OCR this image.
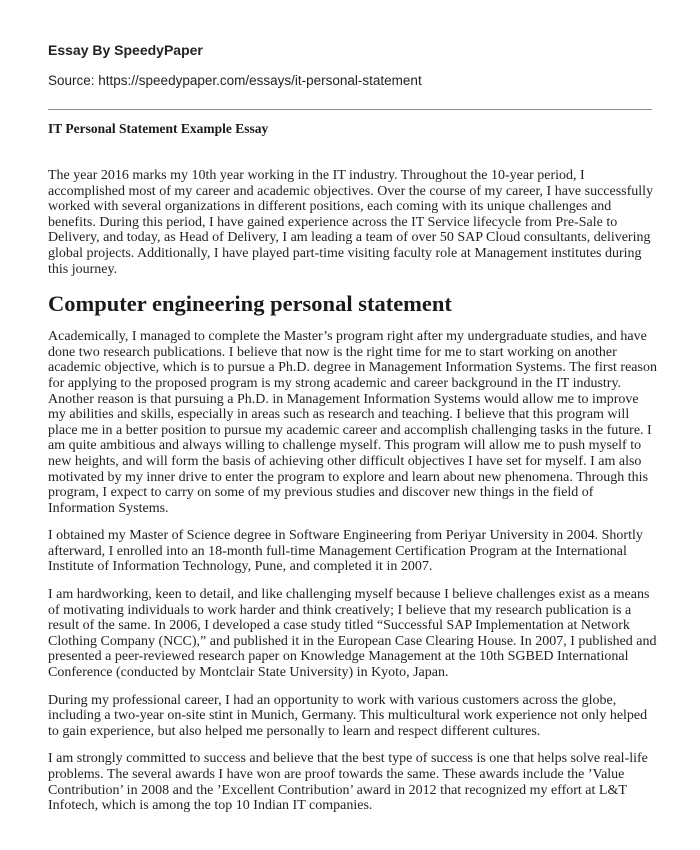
Essay By SpeedyPaper
Source: https://speedypaper.com/essays/it-personal-statement
IT Personal Statement Example Essay

The year 2016 marks my 10th year working in the IT industry. Throughout the 10-year period, I accomplished most of my career and academic objectives. Over the course of my career, I have successfully worked with several organizations in different positions, each coming with its unique challenges and benefits. During this period, I have gained experience across the IT Service lifecycle from Pre-Sale to Delivery, and today, as Head of Delivery, I am leading a team of over 50 SAP Cloud consultants, delivering global projects. Additionally, I have played part-time visiting faculty role at Management institutes during this journey.

Computer engineering personal statement

Academically, I managed to complete the Master’s program right after my undergraduate studies, and have done two research publications. I believe that now is the right time for me to start working on another academic objective, which is to pursue a Ph.D. degree in Management Information Systems. The first reason for applying to the proposed program is my strong academic and career background in the IT industry. Another reason is that pursuing a Ph.D. in Management Information Systems would allow me to improve my abilities and skills, especially in areas such as research and teaching. I believe that this program will place me in a better position to pursue my academic career and accomplish challenging tasks in the future. I am quite ambitious and always willing to challenge myself. This program will allow me to push myself to new heights, and will form the basis of achieving other difficult objectives I have set for myself. I am also motivated by my inner drive to enter the program to explore and learn about new phenomena. Through this program, I expect to carry on some of my previous studies and discover new things in the field of Information Systems.

I obtained my Master of Science degree in Software Engineering from Periyar University in 2004. Shortly afterward, I enrolled into an 18-month full-time Management Certification Program at the International Institute of Information Technology, Pune, and completed it in 2007.

I am hardworking, keen to detail, and like challenging myself because I believe challenges exist as a means of motivating individuals to work harder and think creatively; I believe that my research publication is a result of the same. In 2006, I developed a case study titled “Successful SAP Implementation at Network Clothing Company (NCC),” and published it in the European Case Clearing House. In 2007, I published and presented a peer-reviewed research paper on Knowledge Management at the 10th SGBED International Conference (conducted by Montclair State University) in Kyoto, Japan.

During my professional career, I had an opportunity to work with various customers across the globe, including a two-year on-site stint in Munich, Germany. This multicultural work experience not only helped to gain experience, but also helped me personally to learn and respect different cultures.

I am strongly committed to success and believe that the best type of success is one that helps solve real-life problems. The several awards I have won are proof towards the same. These awards include the ’Value Contribution’ in 2008 and the ’Excellent Contribution’ award in 2012 that recognized my effort at L&T Infotech, which is among the top 10 Indian IT companies.
